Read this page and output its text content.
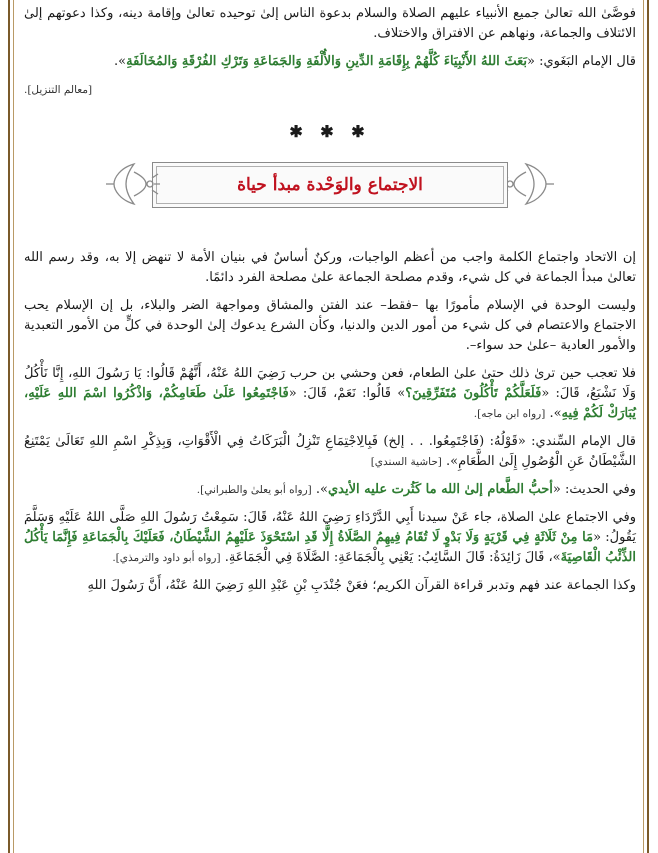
فوصَّىٰ الله تعالىٰ جميع الأنبياء عليهم الصلاة والسلام بدعوة الناس إلىٰ توحيده تعالىٰ وإقامة دينه، وكذا دعوتهم إلىٰ الائتلاف والجماعة، ونهاهم عن الافتراق والاختلاف.

قال الإمام البَغَوي: «بَعَثَ اللهُ الأَنْبِيَاءَ كُلَّهُمْ بِإِقَامَةِ الدِّينِ وَالأُلْفَةِ وَالجَمَاعَةِ وَتَرْكِ الفُرْقَةِ وَالمُخَالَفَةِ».

[معالم التنزيل].

✱ ✱ ✱
الاجتماع والوَحْدة مبدأ حياة

إن الاتحاد واجتماع الكلمة واجب من أعظم الواجبات، وركنٌ أساسٌ في بنيان الأمة لا تنهض إلا به، وقد رسم الله تعالىٰ مبدأ الجماعة في كل شيء، وقدم مصلحة الجماعة علىٰ مصلحة الفرد دائمًا.

وليست الوحدة في الإسلام مأمورًا بها –فقط– عند الفتن والمشاق ومواجهة الضر والبلاء، بل إن الإسلام يحب الاجتماع والاعتصام في كل شيء من أمور الدين والدنيا، وكأن الشرع يدعوك إلىٰ الوحدة في كلٍّ من الأمور التعبدية والأمور العادية –علىٰ حد سواء–.

فلا تعجب حين ترىٰ ذلك حتىٰ علىٰ الطعام، فعن وحشي بن حرب رَضِيَ اللهُ عَنْهُ، أَنَّهُمْ قَالُوا: يَا رَسُولَ اللهِ، إِنَّا نَأْكُلُ وَلَا نَشْبَعُ، قَالَ: «فَلَعَلَّكُمْ تَأْكُلُونَ مُتَفَرِّقِينَ؟» قَالُوا: نَعَمْ، قَالَ: «فَاجْتَمِعُوا عَلَىٰ طَعَامِكُمْ، وَاذْكُرُوا اسْمَ اللهِ عَلَيْهِ، يُبَارَكْ لَكُمْ فِيهِ». [رواه ابن ماجه].

قال الإمام السِّندي: «قَوْلُهُ: (فَاجْتَمِعُوا. . . إلخ) فَبِالِاجْتِمَاعِ تَنْزِلُ الْبَرَكَاتُ فِي الْأَقْوَاتِ، وَبِذِكْرِ اسْمِ اللهِ تَعَالَىٰ يَمْتَنِعُ الشَّيْطَانُ عَنِ الْوُصُولِ إِلَىٰ الطَّعَامِ». [حاشية السندي]

وفي الحديث: «أحبُّ الطَّعام إلىٰ الله ما كَثُرت عليه الأيدي». [رواه أبو يعلىٰ والطبراني].

وفي الاجتماع علىٰ الصلاة، جاء عَنْ سيدنا أَبِي الدَّرْدَاءِ رَضِيَ اللهُ عَنْهُ، قَالَ: سَمِعْتُ رَسُولَ اللهِ صَلَّى اللهُ عَلَيْهِ وَسَلَّمَ يَقُولُ: «مَا مِنْ ثَلَاثَةٍ فِي قَرْيَةٍ وَلَا بَدْوٍ لَا تُقَامُ فِيهِمُ الصَّلَاةُ إِلَّا قَدِ اسْتَحْوَذَ عَلَيْهِمُ الشَّيْطَانُ، فَعَلَيْكَ بِالْجَمَاعَةِ فَإِنَّمَا يَأْكُلُ الذِّئْبُ الْقَاصِيَةَ»، قَالَ زَائِدَةُ: قَالَ السَّائِبُ: يَعْنِي بِالْجَمَاعَةِ: الصَّلَاةَ فِي الْجَمَاعَةِ. [رواه أبو داود والترمذي].

وكذا الجماعة عند فهم وتدبر قراءة القرآن الكريم؛ فعَنْ جُنْدَبِ بْنِ عَبْدِ اللهِ رَضِيَ اللهُ عَنْهُ، أَنَّ رَسُولَ اللهِ
